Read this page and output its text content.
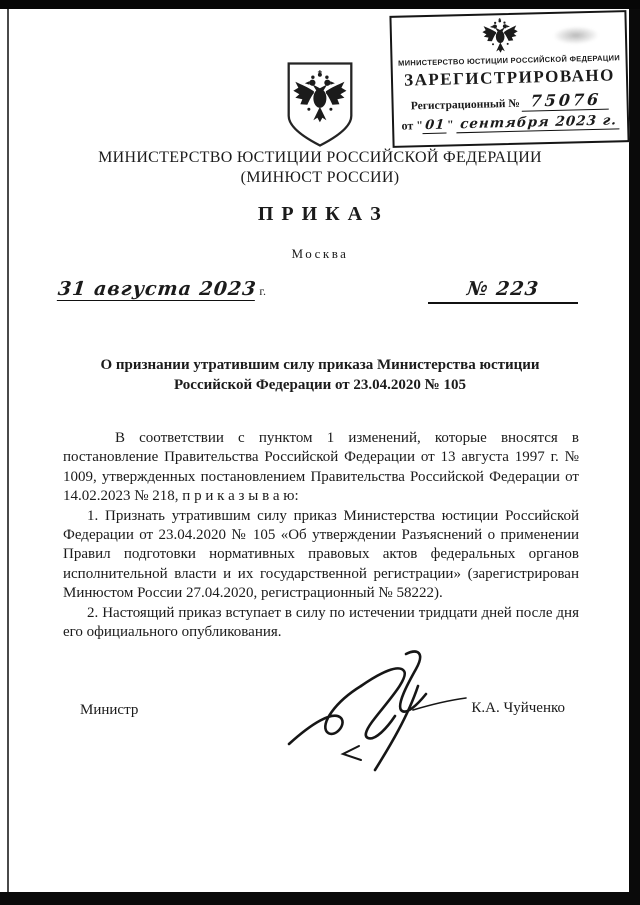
МИНИСТЕРСТВО ЮСТИЦИИ РОССИЙСКОЙ ФЕДЕРАЦИИ
ЗАРЕГИСТРИРОВАНО
Регистрационный № 75076
от "01" сентября 2023 г.
МИНИСТЕРСТВО ЮСТИЦИИ РОССИЙСКОЙ ФЕДЕРАЦИИ
(МИНЮСТ РОССИИ)
П Р И К А З
Москва
31 августа 2023 г.	№ 223
О признании утратившим силу приказа Министерства юстиции Российской Федерации от 23.04.2020 № 105

В соответствии с пунктом 1 изменений, которые вносятся в постановление Правительства Российской Федерации от 13 августа 1997 г. № 1009, утвержденных постановлением Правительства Российской Федерации от 14.02.2023 № 218, п р и к а з ы в а ю:

1. Признать утратившим силу приказ Министерства юстиции Российской Федерации от 23.04.2020 № 105 «Об утверждении Разъяснений о применении Правил подготовки нормативных правовых актов федеральных органов исполнительной власти и их государственной регистрации» (зарегистрирован Минюстом России 27.04.2020, регистрационный № 58222).

2. Настоящий приказ вступает в силу по истечении тридцати дней после дня его официального опубликования.

Министр	К.А. Чуйченко
